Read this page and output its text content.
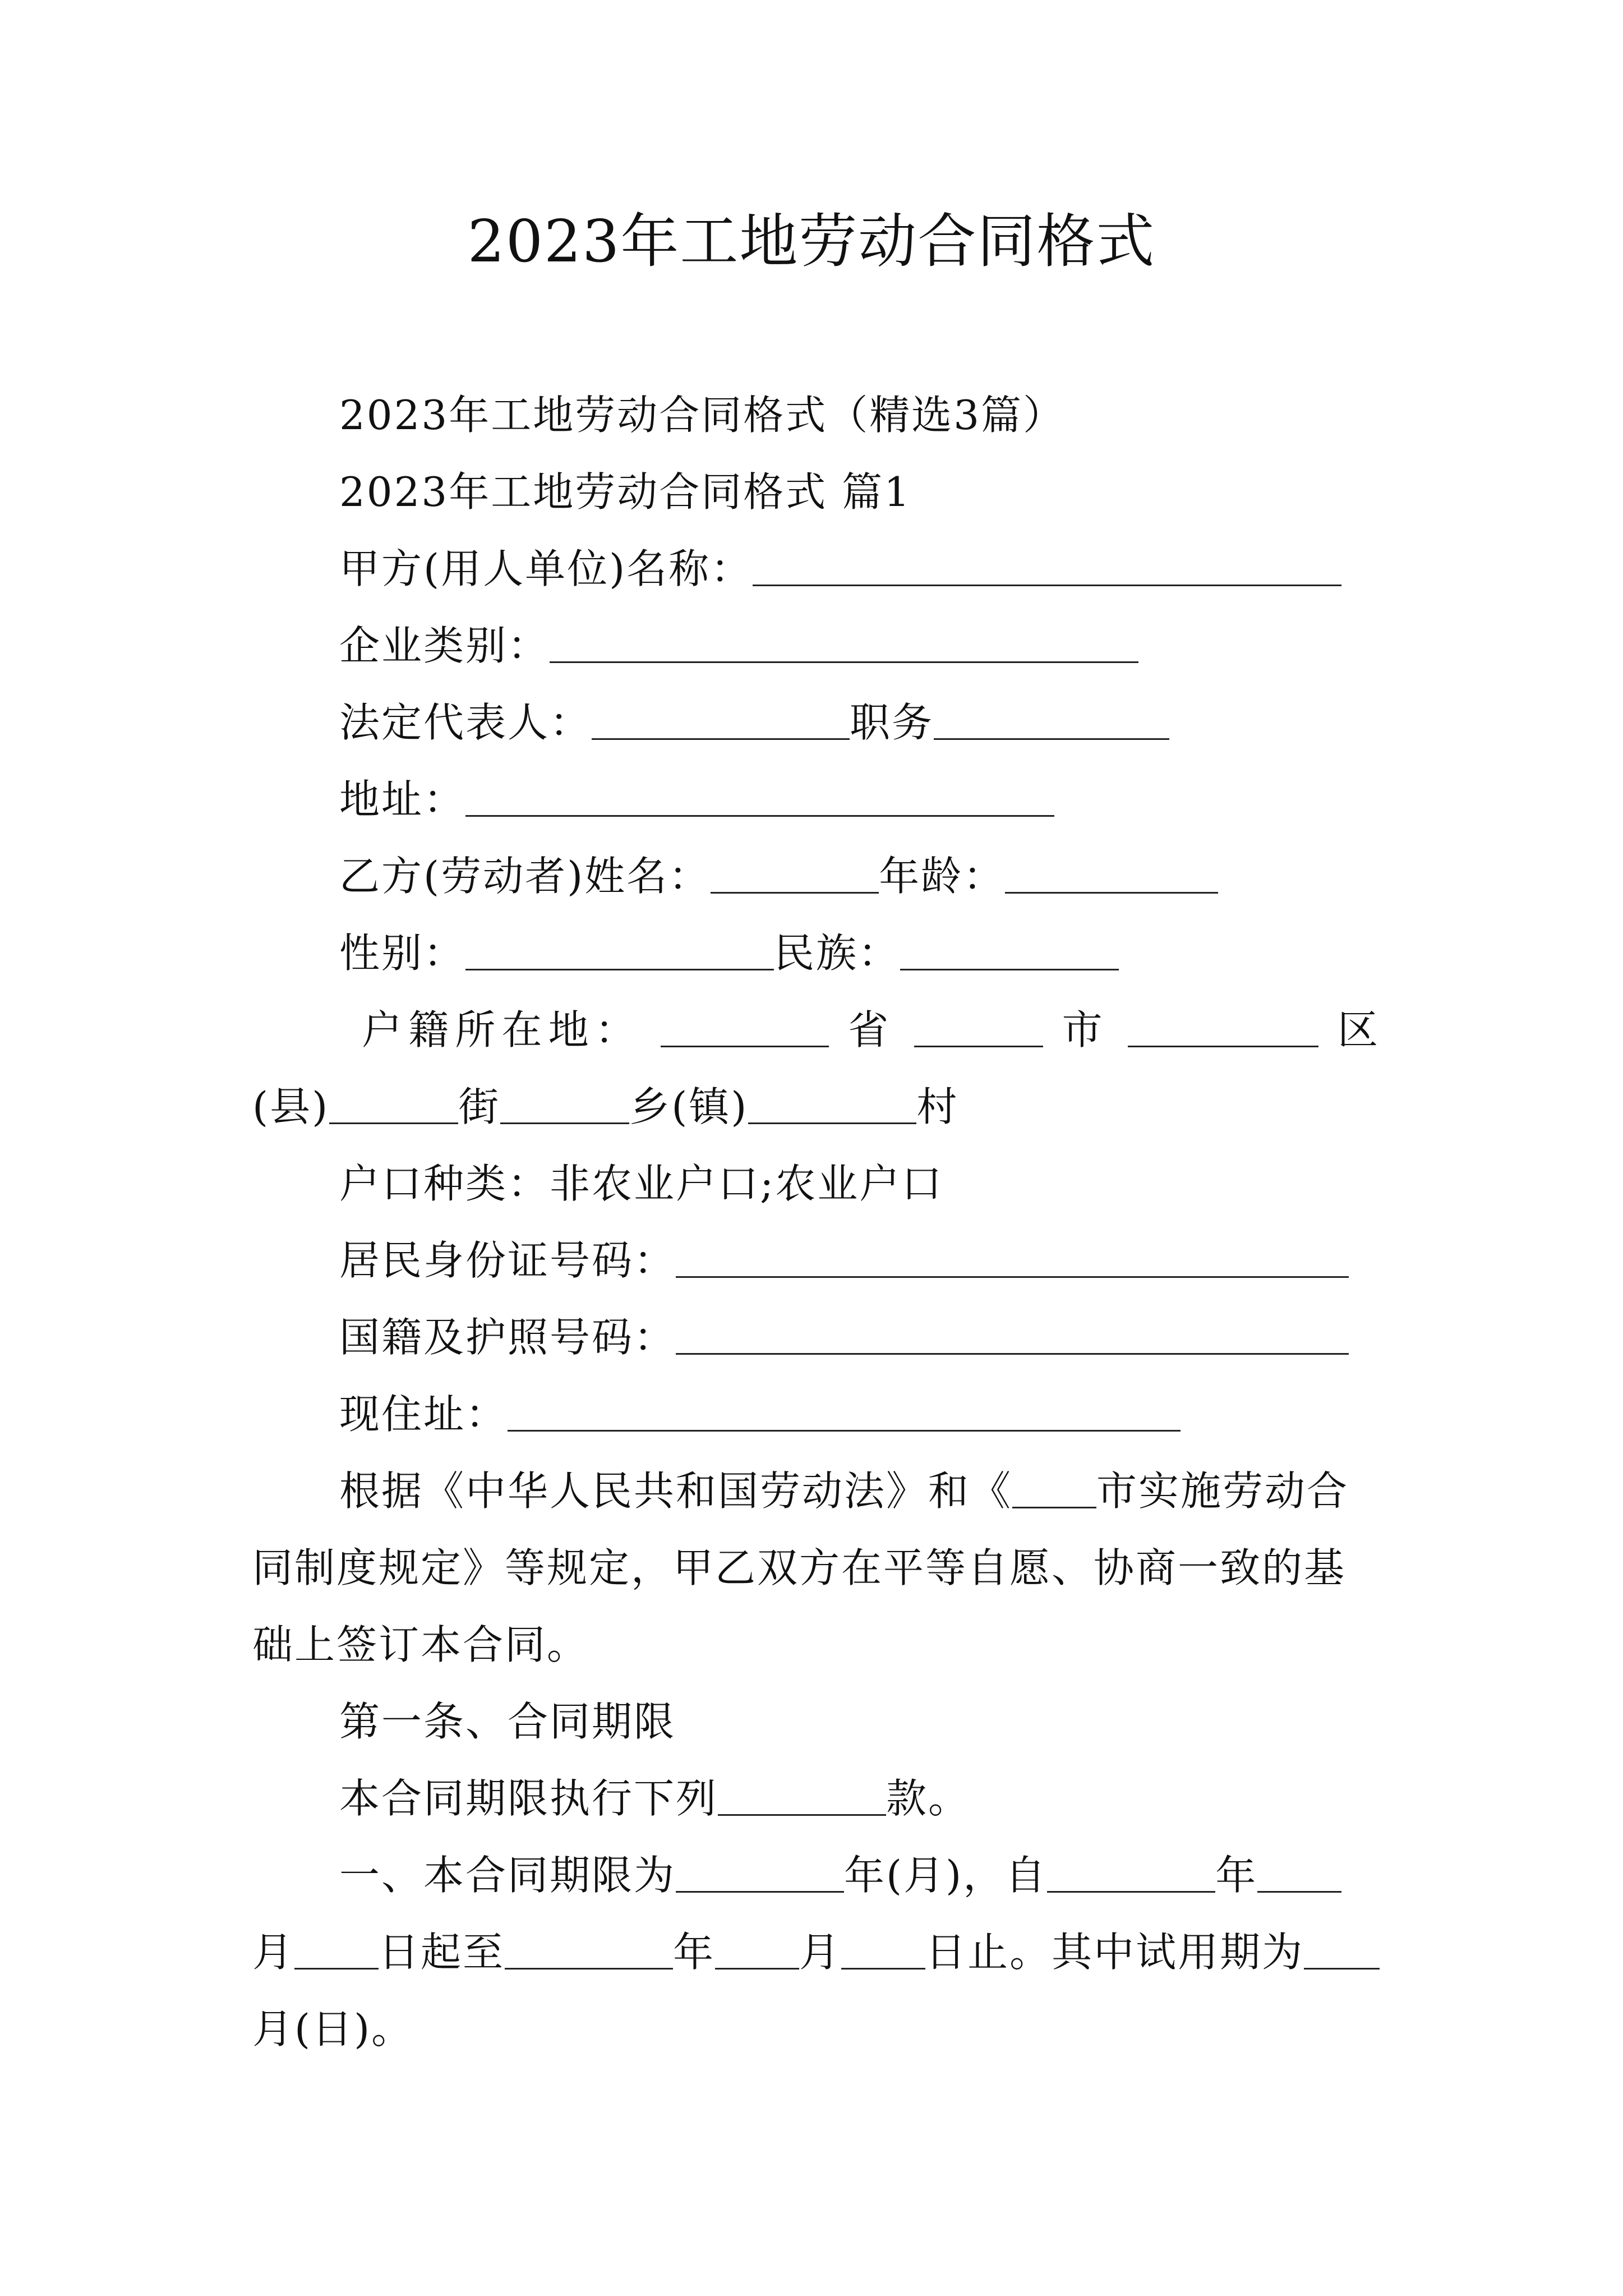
2023年工地劳动合同格式
2023年工地劳动合同格式（精选3篇）
2023年工地劳动合同格式 篇1
甲方(用人单位)名称：
企业类别：
法定代表人：	职务
地址：
乙方(劳动者)姓名：	年龄：
性别：	民族：
户籍所在地：	省	市	区
(县)	街	乡(镇)	村
户口种类：非农业户口;农业户口
居民身份证号码：
国籍及护照号码：
现住址：
根据《中华人民共和国劳动法》和《 市实施劳动合
同制度规定》等规定，甲乙双方在平等自愿、协商一致的基
础上签订本合同。
第一条、合同期限
本合同期限执行下列	款。
一、本合同期限为	年(月)，自	年
月 日起至	年 月 日止。其中试用期为
月(日)。
